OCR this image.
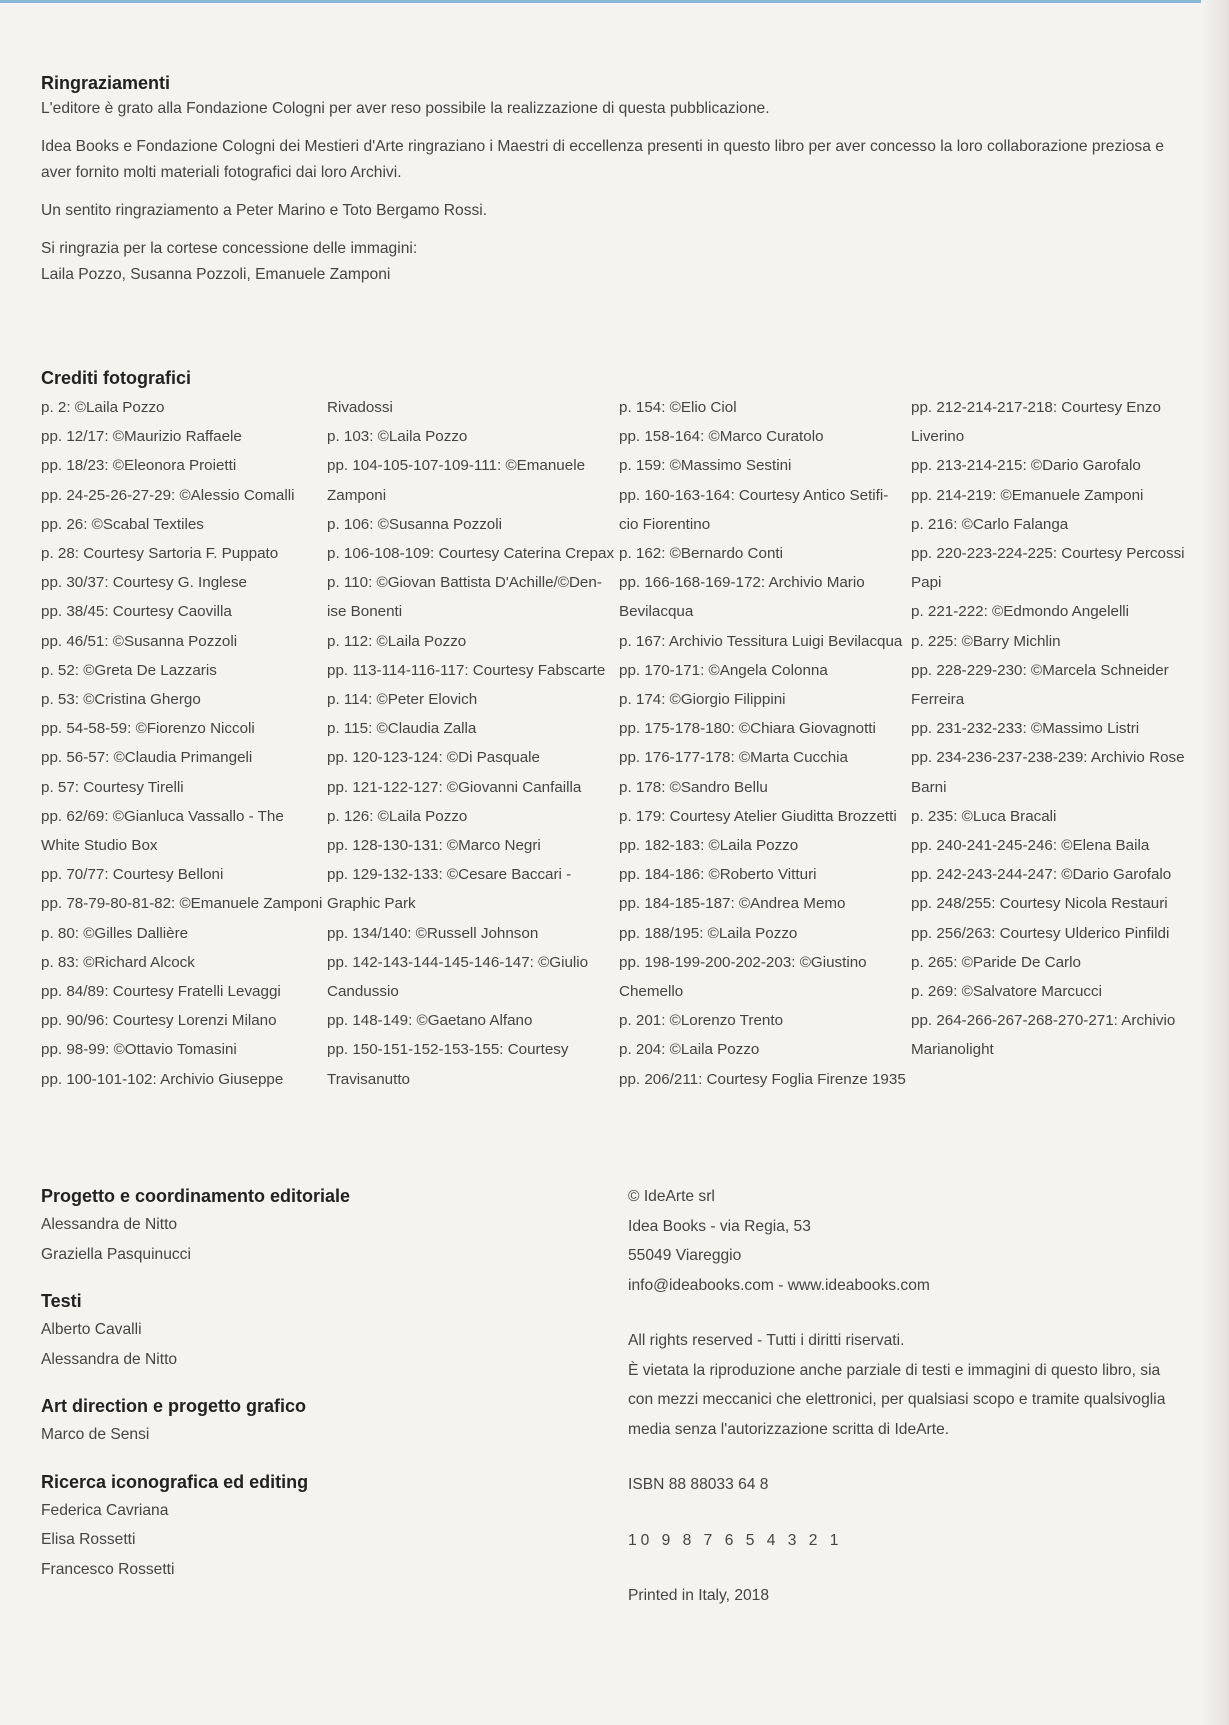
Ringraziamenti

L'editore è grato alla Fondazione Cologni per aver reso possibile la realizzazione di questa pubblicazione.

Idea Books e Fondazione Cologni dei Mestieri d'Arte ringraziano i Maestri di eccellenza presenti in questo libro per aver concesso la loro collaborazione preziosa e aver fornito molti materiali fotografici dai loro Archivi.

Un sentito ringraziamento a Peter Marino e Toto Bergamo Rossi.

Si ringrazia per la cortese concessione delle immagini:

Laila Pozzo, Susanna Pozzoli, Emanuele Zamponi

Crediti fotografici
p. 2: ©Laila Pozzo
pp. 12/17: ©Maurizio Raffaele
pp. 18/23: ©Eleonora Proietti
pp. 24-25-26-27-29: ©Alessio Comalli
pp. 26: ©Scabal Textiles
p. 28: Courtesy Sartoria F. Puppato
pp. 30/37: Courtesy G. Inglese
pp. 38/45: Courtesy Caovilla
pp. 46/51: ©Susanna Pozzoli
p. 52: ©Greta De Lazzaris
p. 53: ©Cristina Ghergo
pp. 54-58-59: ©Fiorenzo Niccoli
pp. 56-57: ©Claudia Primangeli
p. 57: Courtesy Tirelli
pp. 62/69: ©Gianluca Vassallo - The
White Studio Box
pp. 70/77: Courtesy Belloni
pp. 78-79-80-81-82: ©Emanuele Zamponi
p. 80: ©Gilles Dallière
p. 83: ©Richard Alcock
pp. 84/89: Courtesy Fratelli Levaggi
pp. 90/96: Courtesy Lorenzi Milano
pp. 98-99: ©Ottavio Tomasini
pp. 100-101-102: Archivio Giuseppe
Rivadossi
p. 103: ©Laila Pozzo
pp. 104-105-107-109-111: ©Emanuele
Zamponi
p. 106: ©Susanna Pozzoli
p. 106-108-109: Courtesy Caterina Crepax
p. 110: ©Giovan Battista D'Achille/©Den-
ise Bonenti
p. 112: ©Laila Pozzo
pp. 113-114-116-117: Courtesy Fabscarte
p. 114: ©Peter Elovich
p. 115: ©Claudia Zalla
pp. 120-123-124: ©Di Pasquale
pp. 121-122-127: ©Giovanni Canfailla
p. 126: ©Laila Pozzo
pp. 128-130-131: ©Marco Negri
pp. 129-132-133: ©Cesare Baccari -
Graphic Park
pp. 134/140: ©Russell Johnson
pp. 142-143-144-145-146-147: ©Giulio
Candussio
pp. 148-149: ©Gaetano Alfano
pp. 150-151-152-153-155: Courtesy
Travisanutto
p. 154: ©Elio Ciol
pp. 158-164: ©Marco Curatolo
p. 159: ©Massimo Sestini
pp. 160-163-164: Courtesy Antico Setifi-
cio Fiorentino
p. 162: ©Bernardo Conti
pp. 166-168-169-172: Archivio Mario
Bevilacqua
p. 167: Archivio Tessitura Luigi Bevilacqua
pp. 170-171: ©Angela Colonna
p. 174: ©Giorgio Filippini
pp. 175-178-180: ©Chiara Giovagnotti
pp. 176-177-178: ©Marta Cucchia
p. 178: ©Sandro Bellu
p. 179: Courtesy Atelier Giuditta Brozzetti
pp. 182-183: ©Laila Pozzo
pp. 184-186: ©Roberto Vitturi
pp. 184-185-187: ©Andrea Memo
pp. 188/195: ©Laila Pozzo
pp. 198-199-200-202-203: ©Giustino
Chemello
p. 201: ©Lorenzo Trento
p. 204: ©Laila Pozzo
pp. 206/211: Courtesy Foglia Firenze 1935
pp. 212-214-217-218: Courtesy Enzo
Liverino
pp. 213-214-215: ©Dario Garofalo
pp. 214-219: ©Emanuele Zamponi
p. 216: ©Carlo Falanga
pp. 220-223-224-225: Courtesy Percossi
Papi
p. 221-222: ©Edmondo Angelelli
p. 225: ©Barry Michlin
pp. 228-229-230: ©Marcela Schneider
Ferreira
pp. 231-232-233: ©Massimo Listri
pp. 234-236-237-238-239: Archivio Rose
Barni
p. 235: ©Luca Bracali
pp. 240-241-245-246: ©Elena Baila
pp. 242-243-244-247: ©Dario Garofalo
pp. 248/255: Courtesy Nicola Restauri
pp. 256/263: Courtesy Ulderico Pinfildi
p. 265: ©Paride De Carlo
p. 269: ©Salvatore Marcucci
pp. 264-266-267-268-270-271: Archivio
Marianolight
Progetto e coordinamento editoriale
Alessandra de Nitto
Graziella Pasquinucci
Testi
Alberto Cavalli
Alessandra de Nitto
Art direction e progetto grafico
Marco de Sensi
Ricerca iconografica ed editing
Federica Cavriana
Elisa Rossetti
Francesco Rossetti
© IdeArte srl
Idea Books - via Regia, 53
55049 Viareggio
info@ideabooks.com - www.ideabooks.com
All rights reserved - Tutti i diritti riservati.
È vietata la riproduzione anche parziale di testi e immagini di questo libro, sia con mezzi meccanici che elettronici, per qualsiasi scopo e tramite qualsivoglia media senza l'autorizzazione scritta di IdeArte.
ISBN 88 88033 64 8
10 9 8 7 6 5 4 3 2 1
Printed in Italy, 2018
